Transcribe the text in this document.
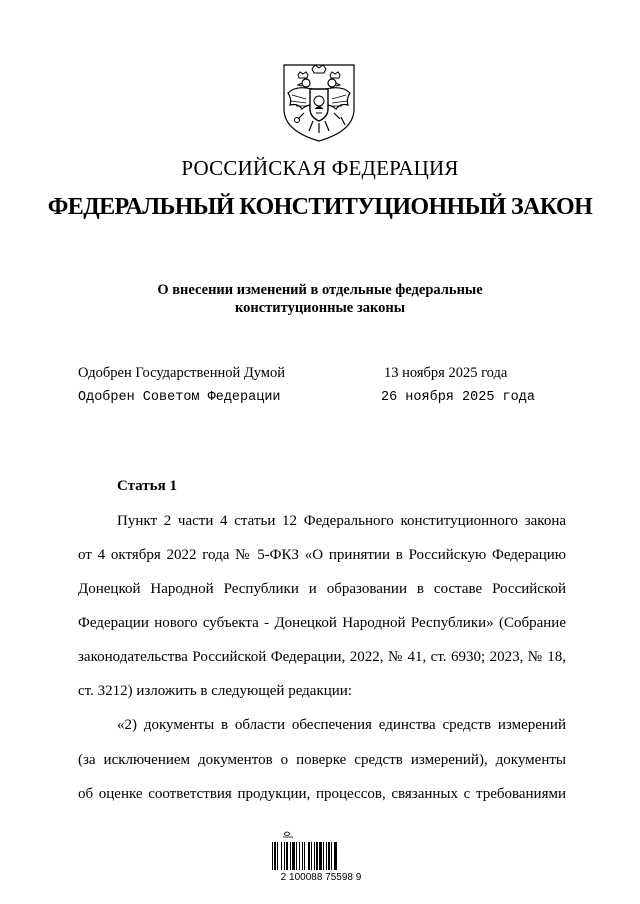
РОССИЙСКАЯ ФЕДЕРАЦИЯ
ФЕДЕРАЛЬНЫЙ КОНСТИТУЦИОННЫЙ ЗАКОН
О внесении изменений в отдельные федеральные
конституционные законы
Одобрен Государственной Думой	13 ноября 2025 года
Одобрен Советом Федерации	26 ноября 2025 года
Статья 1
Пункт 2 части 4 статьи 12 Федерального конституционного закона
от 4 октября 2022 года № 5-ФКЗ «О принятии в Российскую Федерацию
Донецкой Народной Республики и образовании в составе Российской
Федерации нового субъекта - Донецкой Народной Республики» (Собрание
законодательства Российской Федерации, 2022, № 41, ст. 6930; 2023, № 18,
ст. 3212) изложить в следующей редакции:
«2) документы в области обеспечения единства средств измерений
(за исключением документов о поверке средств измерений), документы
об оценке соответствия продукции, процессов, связанных с требованиями
2 100088 75598 9
